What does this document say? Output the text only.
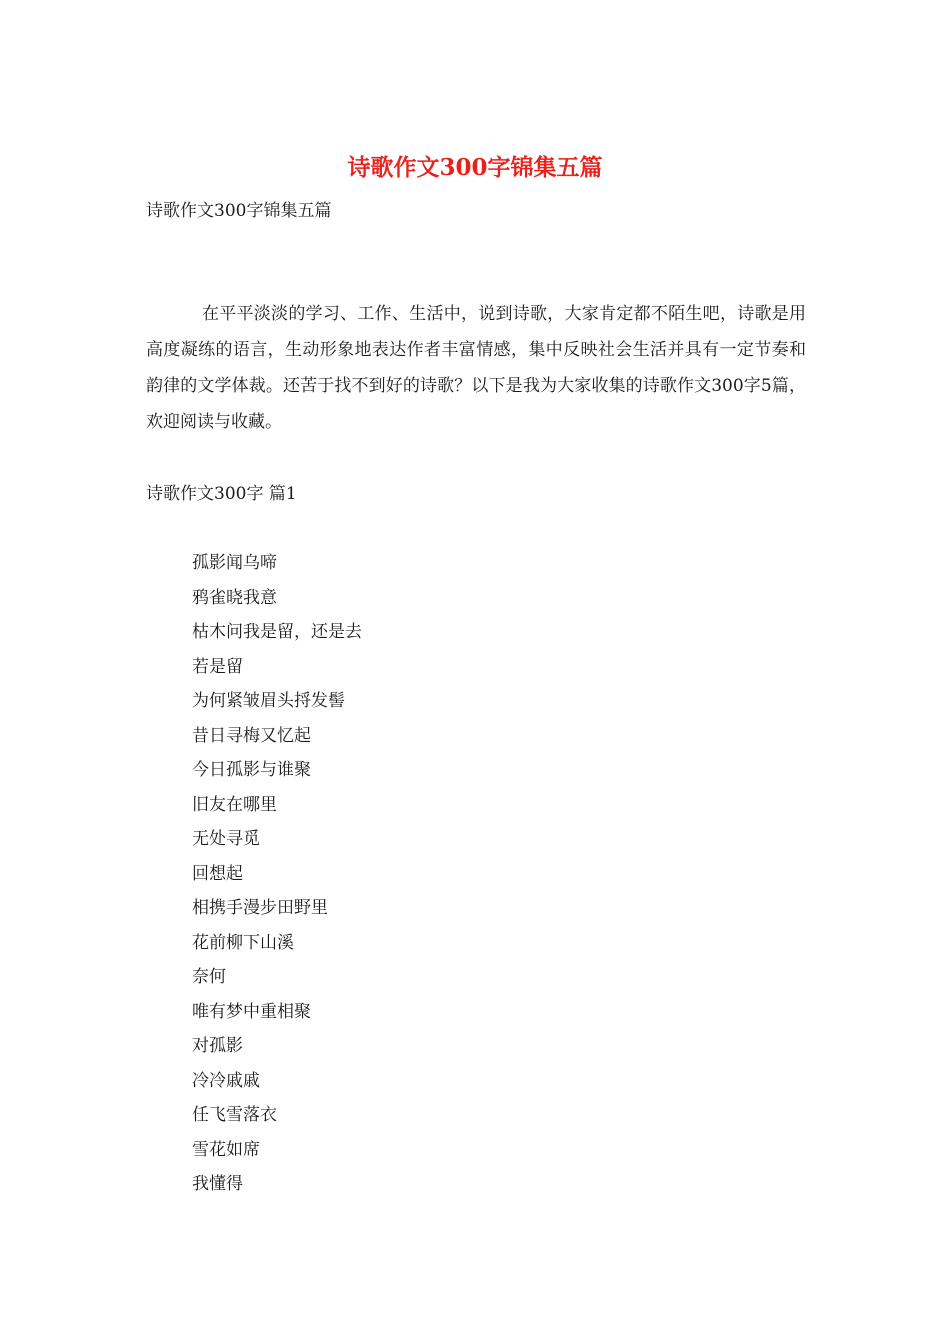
诗歌作文300字锦集五篇

诗歌作文300字锦集五篇

在平平淡淡的学习、工作、生活中，说到诗歌，大家肯定都不陌生吧，诗歌是用高度凝练的语言，生动形象地表达作者丰富情感，集中反映社会生活并具有一定节奏和韵律的文学体裁。还苦于找不到好的诗歌？以下是我为大家收集的诗歌作文300字5篇，欢迎阅读与收藏。

诗歌作文300字 篇1

孤影闻乌啼
鸦雀晓我意
枯木问我是留，还是去
若是留
为何紧皱眉头捋发髻
昔日寻梅又忆起
今日孤影与谁聚
旧友在哪里
无处寻觅
回想起
相携手漫步田野里
花前柳下山溪
奈何
唯有梦中重相聚
对孤影
冷冷戚戚
任飞雪落衣
雪花如席
我懂得
